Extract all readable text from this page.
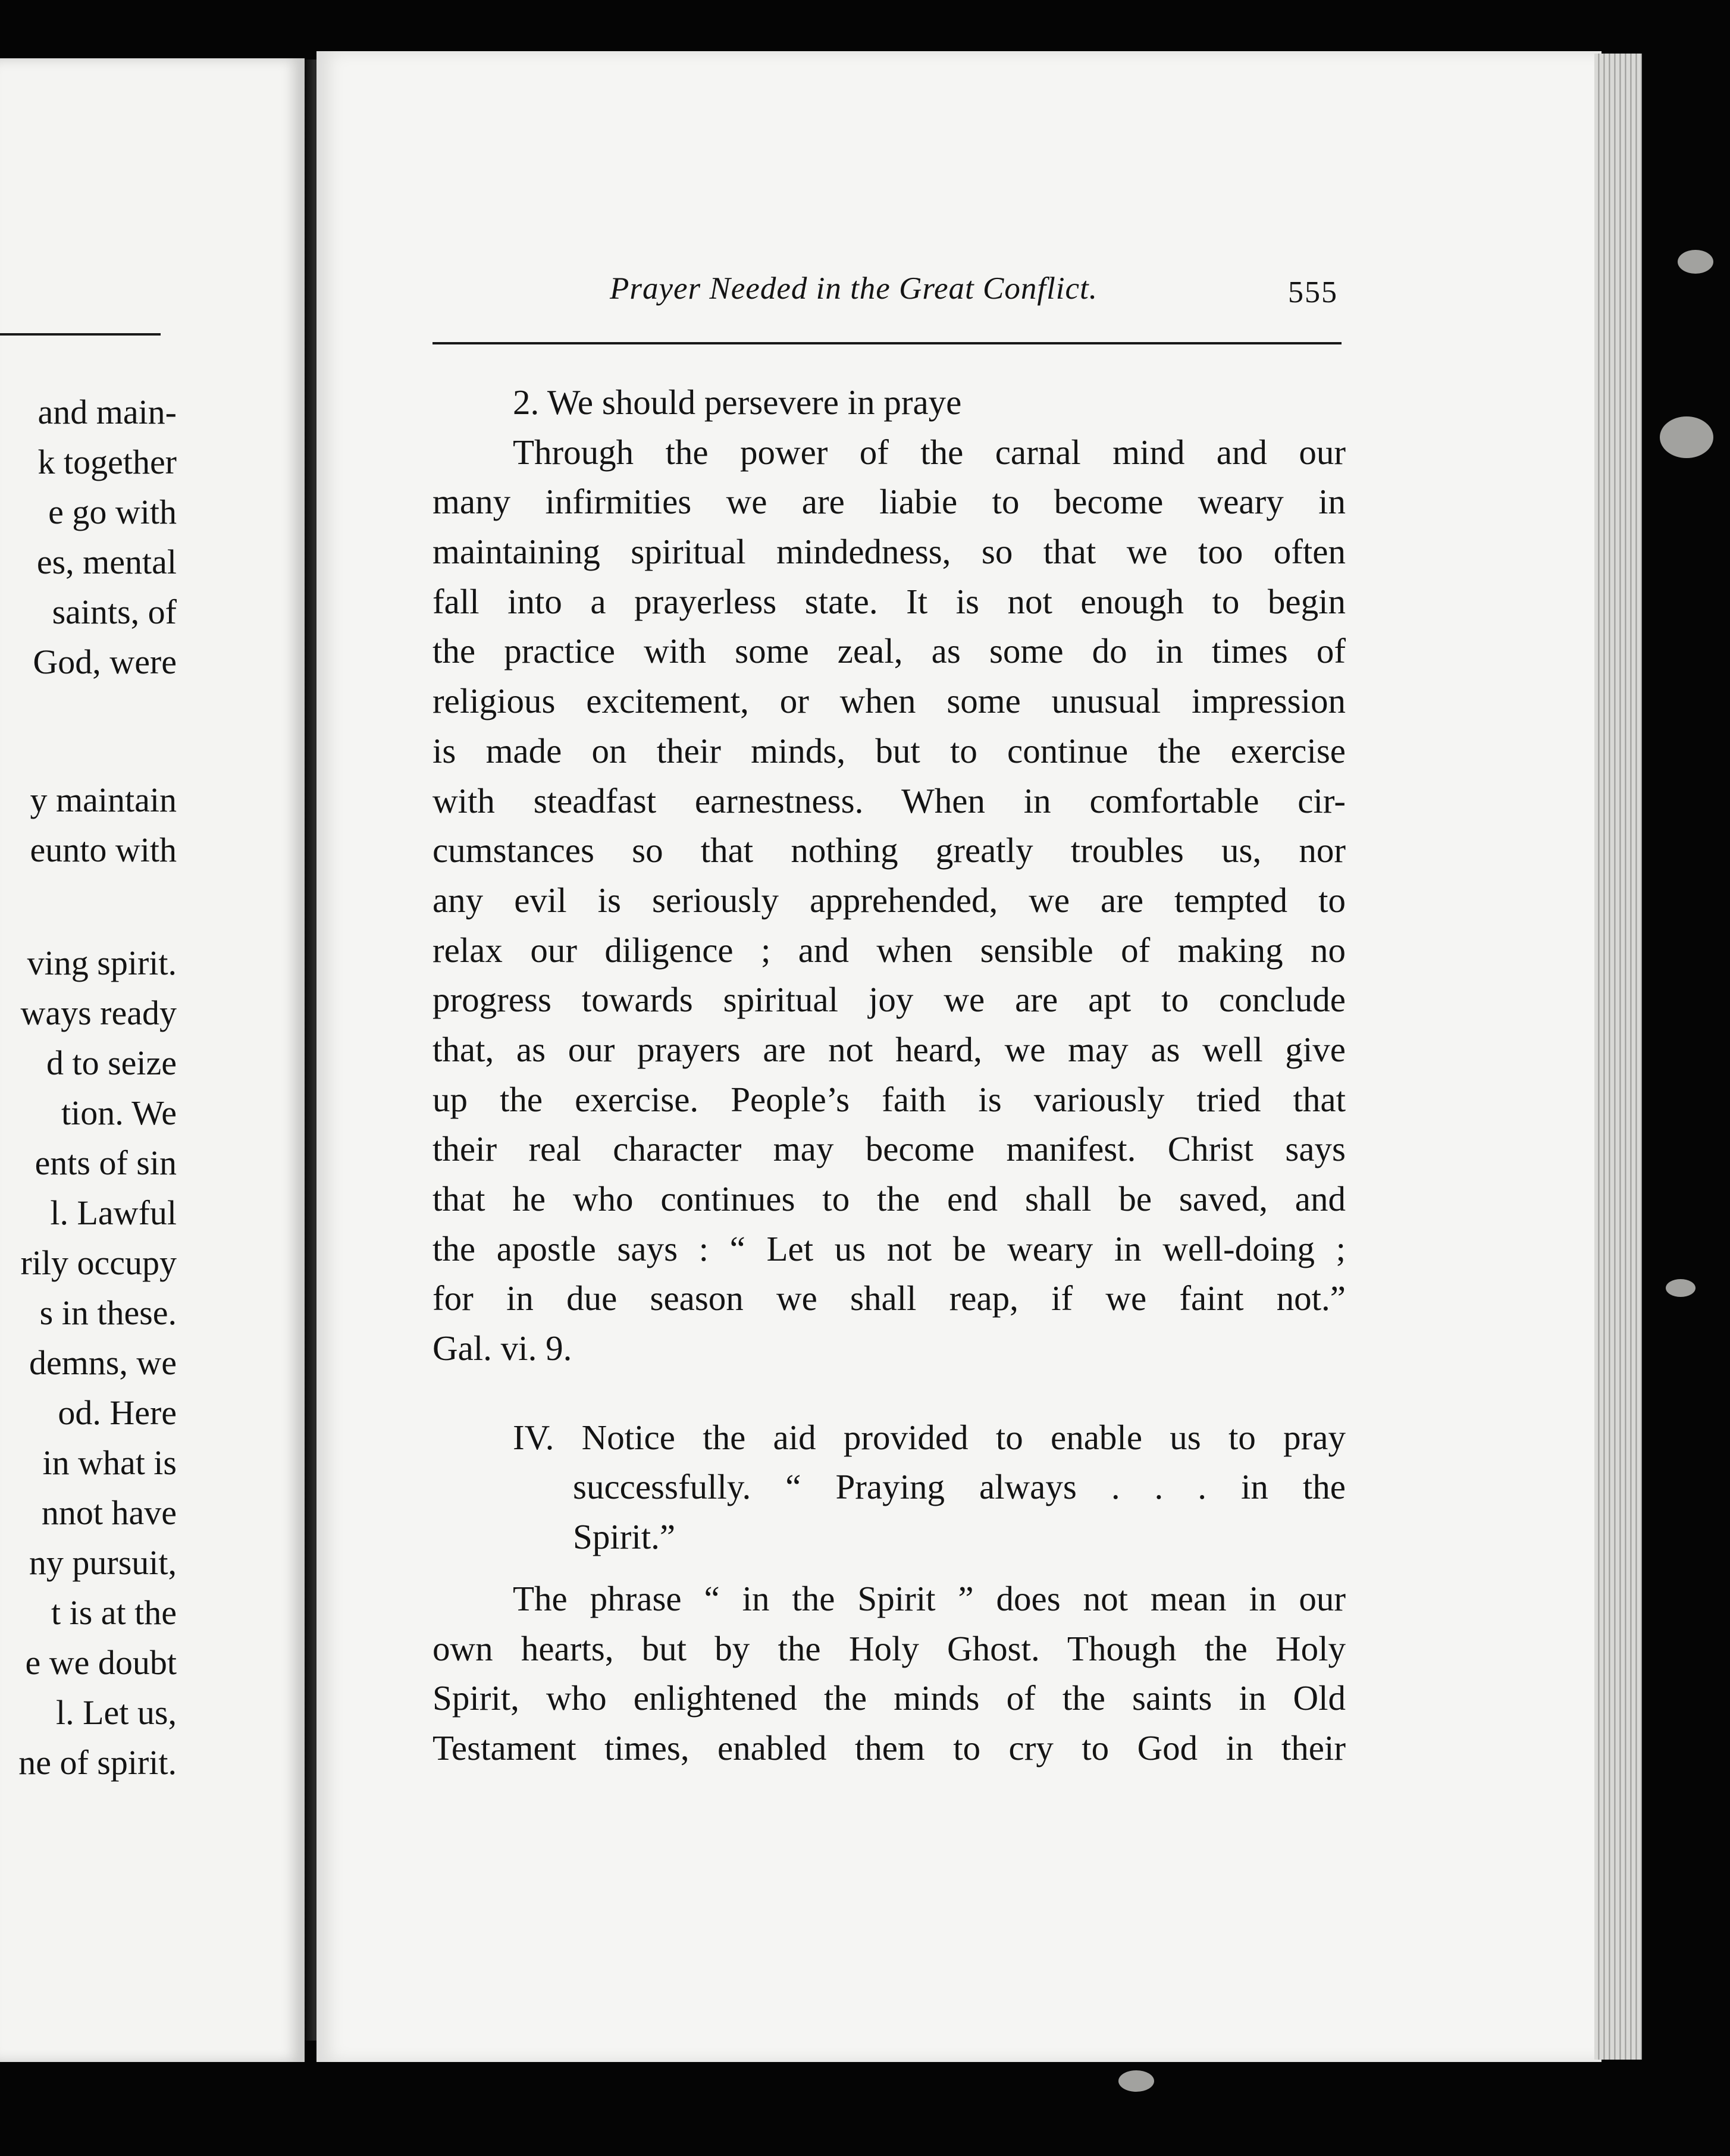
and main-
k together
e go with
es, mental
saints, of
God, were
y maintain
eunto with
ving spirit.
ways ready
d to seize
tion. We
ents of sin
l. Lawful
rily occupy
s in these.
demns, we
od. Here
in what is
nnot have
ny pursuit,
t is at the
e we doubt
l. Let us,
ne of spirit.
Prayer Needed in the Great Conflict.	555
2. We should persevere in praye
Through the power of the carnal mind and our
many infirmities we are liabie to become weary in
maintaining spiritual mindedness, so that we too often
fall into a prayerless state. It is not enough to begin
the practice with some zeal, as some do in times of
religious excitement, or when some unusual impression
is made on their minds, but to continue the exercise
with steadfast earnestness. When in comfortable cir-
cumstances so that nothing greatly troubles us, nor
any evil is seriously apprehended, we are tempted to
relax our diligence ; and when sensible of making no
progress towards spiritual joy we are apt to conclude
that, as our prayers are not heard, we may as well give
up the exercise. People’s faith is variously tried that
their real character may become manifest. Christ says
that he who continues to the end shall be saved, and
the apostle says : “ Let us not be weary in well-doing ;
for in due season we shall reap, if we faint not.”
Gal. vi. 9.
IV. Notice the aid provided to enable us to pray
successfully. “ Praying always . . . in the
Spirit.”
The phrase “ in the Spirit ” does not mean in our
own hearts, but by the Holy Ghost. Though the Holy
Spirit, who enlightened the minds of the saints in Old
Testament times, enabled them to cry to God in their
